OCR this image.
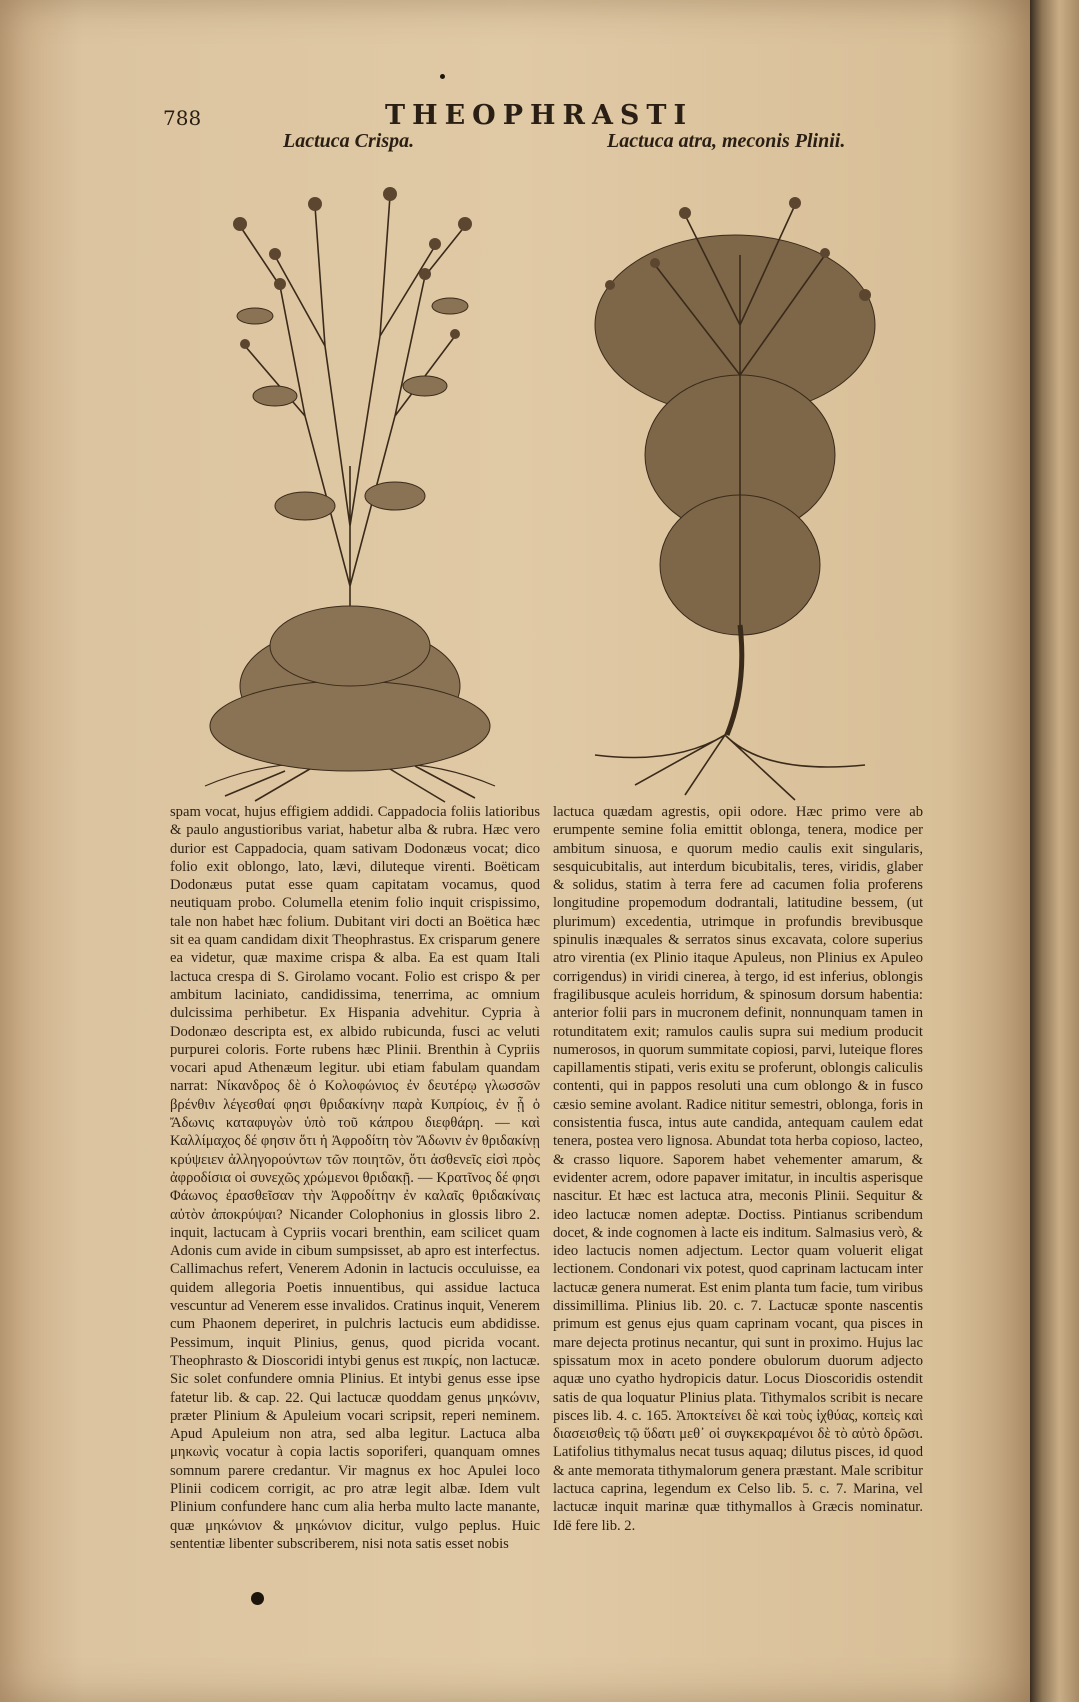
788	THEOPHRASTI
Lactuca Crispa.	Lactuca atra, meconis Plinii.

spam vocat, hujus effigiem addidi. Cappadocia foliis latioribus & paulo angustioribus variat, habetur alba & rubra. Hæc vero durior est Cappadocia, quam sativam Dodonæus vocat; dico folio exit oblongo, lato, lævi, diluteque virenti. Boëticam Dodonæus putat esse quam capitatam vocamus, quod neutiquam probo. Columella etenim folio inquit crispissimo, tale non habet hæc folium. Dubitant viri docti an Boëtica hæc sit ea quam candidam dixit Theophrastus. Ex crisparum genere ea videtur, quæ maxime crispa & alba. Ea est quam Itali lactuca crespa di S. Girolamo vocant. Folio est crispo & per ambitum laciniato, candidissima, tenerrima, ac omnium dulcissima perhibetur. Ex Hispania advehitur. Cypria à Dodonæo descripta est, ex albido rubicunda, fusci ac veluti purpurei coloris. Forte rubens hæc Plinii. Brenthin à Cypriis vocari apud Athenæum legitur. ubi etiam fabulam quandam narrat: Νίκανδρος δὲ ὁ Κολοφώνιος ἐν δευτέρῳ γλωσσῶν βρένθιν λέγεσθαί φησι θριδακίνην παρὰ Κυπρίοις, ἐν ᾗ ὁ Ἄδωνις καταφυγὼν ὑπὸ τοῦ κάπρου διεφθάρη. — καὶ Καλλίμαχος δέ φησιν ὅτι ἡ Ἀφροδίτη τὸν Ἄδωνιν ἐν θριδακίνῃ κρύψειεν ἀλληγορούντων τῶν ποιητῶν, ὅτι ἀσθενεῖς εἰσὶ πρὸς ἀφροδίσια οἱ συνεχῶς χρώμενοι θριδακῇ. — Κρατῖνος δέ φησι Φάωνος ἐρασθεῖσαν τὴν Ἀφροδίτην ἐν καλαῖς θριδακίναις αὐτὸν ἀποκρύψαι? Nicander Colophonius in glossis libro 2. inquit, lactucam à Cypriis vocari brenthin, eam scilicet quam Adonis cum avide in cibum sumpsisset, ab apro est interfectus. Callimachus refert, Venerem Adonin in lactucis occuluisse, ea quidem allegoria Poetis innuentibus, qui assidue lactuca vescuntur ad Venerem esse invalidos. Cratinus inquit, Venerem cum Phaonem deperiret, in pulchris lactucis eum abdidisse. Pessimum, inquit Plinius, genus, quod picrida vocant. Theophrasto & Dioscoridi intybi genus est πικρίς, non lactucæ. Sic solet confundere omnia Plinius. Et intybi genus esse ipse fatetur lib. & cap. 22. Qui lactucæ quoddam genus μηκώνιν, præter Plinium & Apuleium vocari scripsit, reperi neminem. Apud Apuleium non atra, sed alba legitur. Lactuca alba μηκωνὶς vocatur à copia lactis soporiferi, quanquam omnes somnum parere credantur. Vir magnus ex hoc Apulei loco Plinii codicem corrigit, ac pro atræ legit albæ. Idem vult Plinium confundere hanc cum alia herba multo lacte manante, quæ μηκώνιον & μηκώνιον dicitur, vulgo peplus. Huic sententiæ libenter subscriberem, nisi nota satis esset nobis

lactuca quædam agrestis, opii odore. Hæc primo vere ab erumpente semine folia emittit oblonga, tenera, modice per ambitum sinuosa, e quorum medio caulis exit singularis, sesquicubitalis, aut interdum bicubitalis, teres, viridis, glaber & solidus, statim à terra fere ad cacumen folia proferens longitudine propemodum dodrantali, latitudine bessem, (ut plurimum) excedentia, utrimque in profundis brevibusque spinulis inæquales & serratos sinus excavata, colore superius atro virentia (ex Plinio itaque Apuleus, non Plinius ex Apuleo corrigendus) in viridi cinerea, à tergo, id est inferius, oblongis fragilibusque aculeis horridum, & spinosum dorsum habentia: anterior folii pars in mucronem definit, nonnunquam tamen in rotunditatem exit; ramulos caulis supra sui medium producit numerosos, in quorum summitate copiosi, parvi, luteique flores capillamentis stipati, veris exitu se proferunt, oblongis caliculis contenti, qui in pappos resoluti una cum oblongo & in fusco cæsio semine avolant. Radice nititur semestri, oblonga, foris in consistentia fusca, intus aute candida, antequam caulem edat tenera, postea vero lignosa. Abundat tota herba copioso, lacteo, & crasso liquore. Saporem habet vehementer amarum, & evidenter acrem, odore papaver imitatur, in incultis asperisque nascitur. Et hæc est lactuca atra, meconis Plinii. Sequitur & ideo lactucæ nomen adeptæ. Doctiss. Pintianus scribendum docet, & inde cognomen à lacte eis inditum. Salmasius verò, & ideo lactucis nomen adjectum. Lector quam voluerit eligat lectionem. Condonari vix potest, quod caprinam lactucam inter lactucæ genera numerat. Est enim planta tum facie, tum viribus dissimillima. Plinius lib. 20. c. 7. Lactucæ sponte nascentis primum est genus ejus quam caprinam vocant, qua pisces in mare dejecta protinus necantur, qui sunt in proximo. Hujus lac spissatum mox in aceto pondere obulorum duorum adjecto aquæ uno cyatho hydropicis datur. Locus Dioscoridis ostendit satis de qua loquatur Plinius plata. Tithymalos scribit is necare pisces lib. 4. c. 165. Ἀποκτείνει δὲ καὶ τοὺς ἰχθύας, κοπεὶς καὶ διασεισθεὶς τῷ ὕδατι μεθ᾽ οἱ συγκεκραμένοι δὲ τὸ αὐτὸ δρῶσι. Latifolius tithymalus necat tusus aquaq; dilutus pisces, id quod & ante memorata tithymalorum genera præstant. Male scribitur lactuca caprina, legendum ex Celso lib. 5. c. 7. Marina, vel lactucæ inquit marinæ quæ tithymallos à Græcis nominatur. Idē fere lib. 2.
